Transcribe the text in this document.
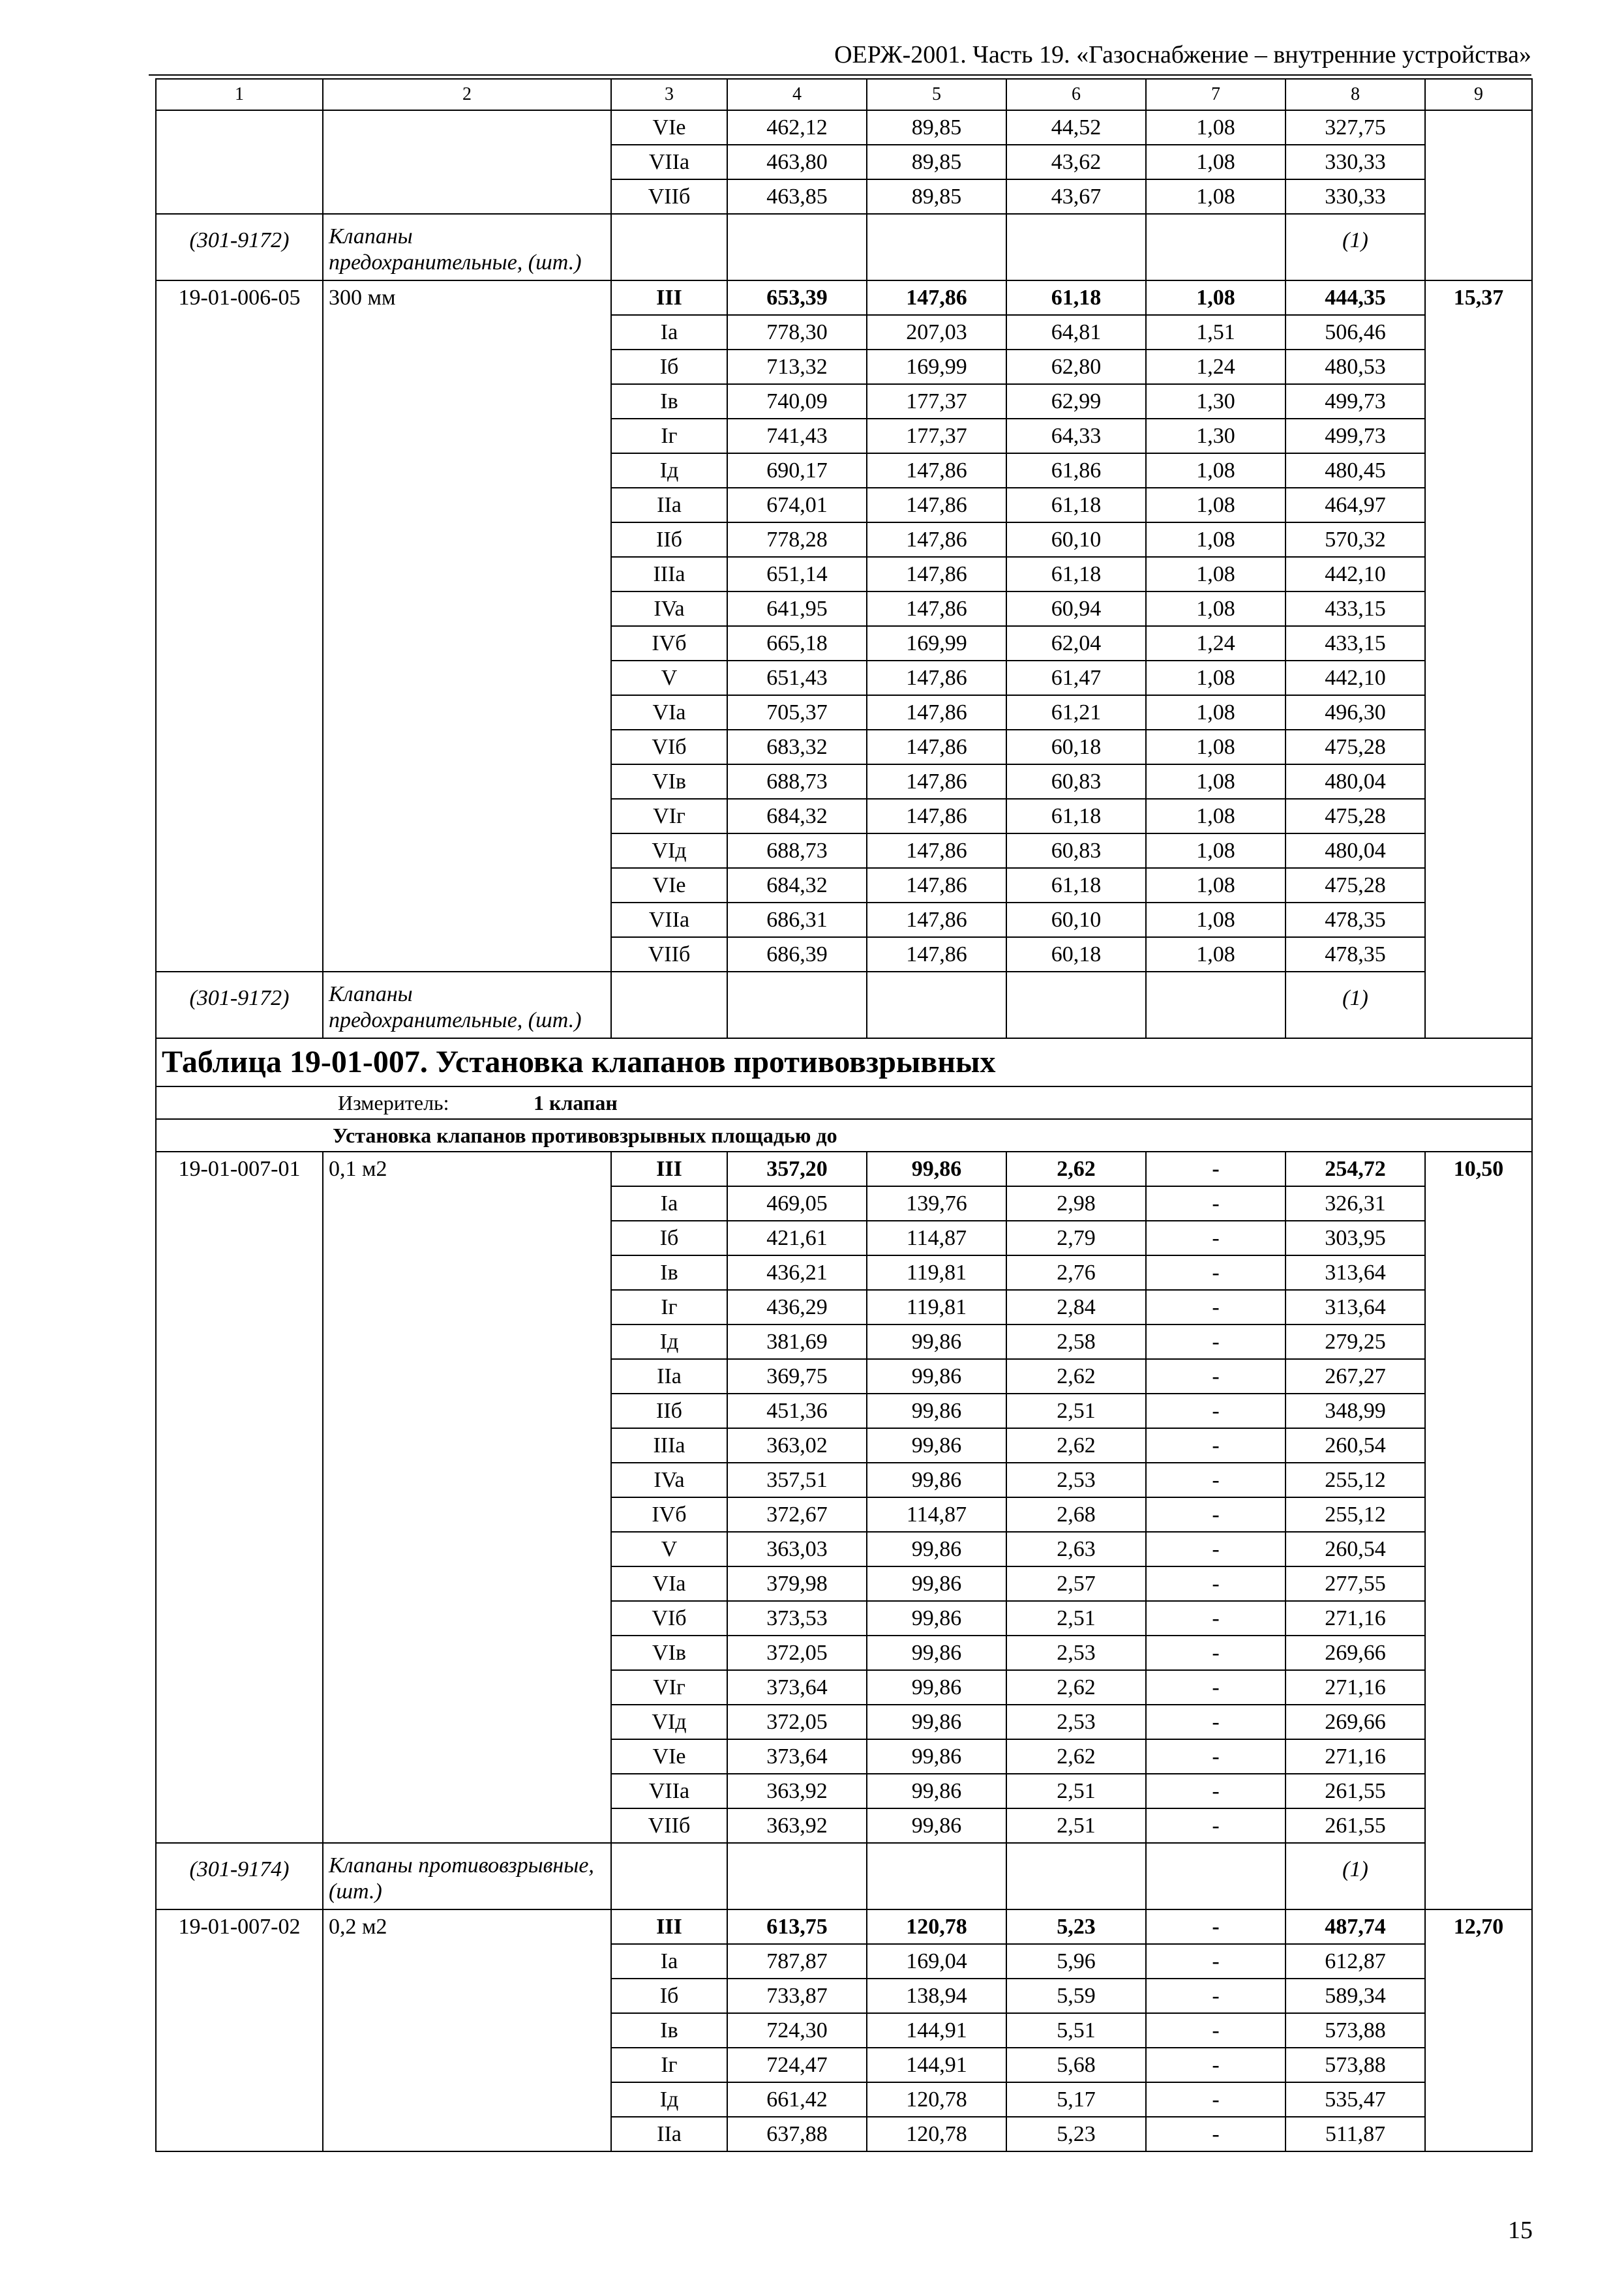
ОЕРЖ-2001. Часть 19. «Газоснабжение – внутренние устройства»
1	2	3	4	5	6	7	8	9
		VIe	462,12	89,85	44,52	1,08	327,75	
		VIIa	463,80	89,85	43,62	1,08	330,33	
		VIIб	463,85	89,85	43,67	1,08	330,33	

(301-9172)	Клапаны предохранительные, (шт.)						(1)	
19-01-006-05	300 мм	III	653,39	147,86	61,18	1,08	444,35	15,37
		Ia	778,30	207,03	64,81	1,51	506,46	
		Iб	713,32	169,99	62,80	1,24	480,53	
		Iв	740,09	177,37	62,99	1,30	499,73	
		Iг	741,43	177,37	64,33	1,30	499,73	
		Iд	690,17	147,86	61,86	1,08	480,45	
		IIa	674,01	147,86	61,18	1,08	464,97	
		IIб	778,28	147,86	60,10	1,08	570,32	
		IIIa	651,14	147,86	61,18	1,08	442,10	
		IVa	641,95	147,86	60,94	1,08	433,15	
		IVб	665,18	169,99	62,04	1,24	433,15	
		V	651,43	147,86	61,47	1,08	442,10	
		VIa	705,37	147,86	61,21	1,08	496,30	
		VIб	683,32	147,86	60,18	1,08	475,28	
		VIв	688,73	147,86	60,83	1,08	480,04	
		VIг	684,32	147,86	61,18	1,08	475,28	
		VIд	688,73	147,86	60,83	1,08	480,04	
		VIe	684,32	147,86	61,18	1,08	475,28	
		VIIa	686,31	147,86	60,10	1,08	478,35	
		VIIб	686,39	147,86	60,18	1,08	478,35	

(301-9172)	Клапаны предохранительные, (шт.)						(1)	
Таблица 19-01-007. Установка клапанов противовзрывных								
Измеритель: 1 клапан								
Установка клапанов противовзрывных площадью до								
19-01-007-01	0,1 м2	III	357,20	99,86	2,62	-	254,72	10,50
		Ia	469,05	139,76	2,98	-	326,31	
		Iб	421,61	114,87	2,79	-	303,95	
		Iв	436,21	119,81	2,76	-	313,64	
		Iг	436,29	119,81	2,84	-	313,64	
		Iд	381,69	99,86	2,58	-	279,25	
		IIa	369,75	99,86	2,62	-	267,27	
		IIб	451,36	99,86	2,51	-	348,99	
		IIIa	363,02	99,86	2,62	-	260,54	
		IVa	357,51	99,86	2,53	-	255,12	
		IVб	372,67	114,87	2,68	-	255,12	
		V	363,03	99,86	2,63	-	260,54	
		VIa	379,98	99,86	2,57	-	277,55	
		VIб	373,53	99,86	2,51	-	271,16	
		VIв	372,05	99,86	2,53	-	269,66	
		VIг	373,64	99,86	2,62	-	271,16	
		VIд	372,05	99,86	2,53	-	269,66	
		VIe	373,64	99,86	2,62	-	271,16	
		VIIa	363,92	99,86	2,51	-	261,55	
		VIIб	363,92	99,86	2,51	-	261,55	

(301-9174)	Клапаны противовзрывные, (шт.)						(1)	
19-01-007-02	0,2 м2	III	613,75	120,78	5,23	-	487,74	12,70
		Ia	787,87	169,04	5,96	-	612,87	
		Iб	733,87	138,94	5,59	-	589,34	
		Iв	724,30	144,91	5,51	-	573,88	
		Iг	724,47	144,91	5,68	-	573,88	
		Iд	661,42	120,78	5,17	-	535,47	
		IIa	637,88	120,78	5,23	-	511,87	
15
